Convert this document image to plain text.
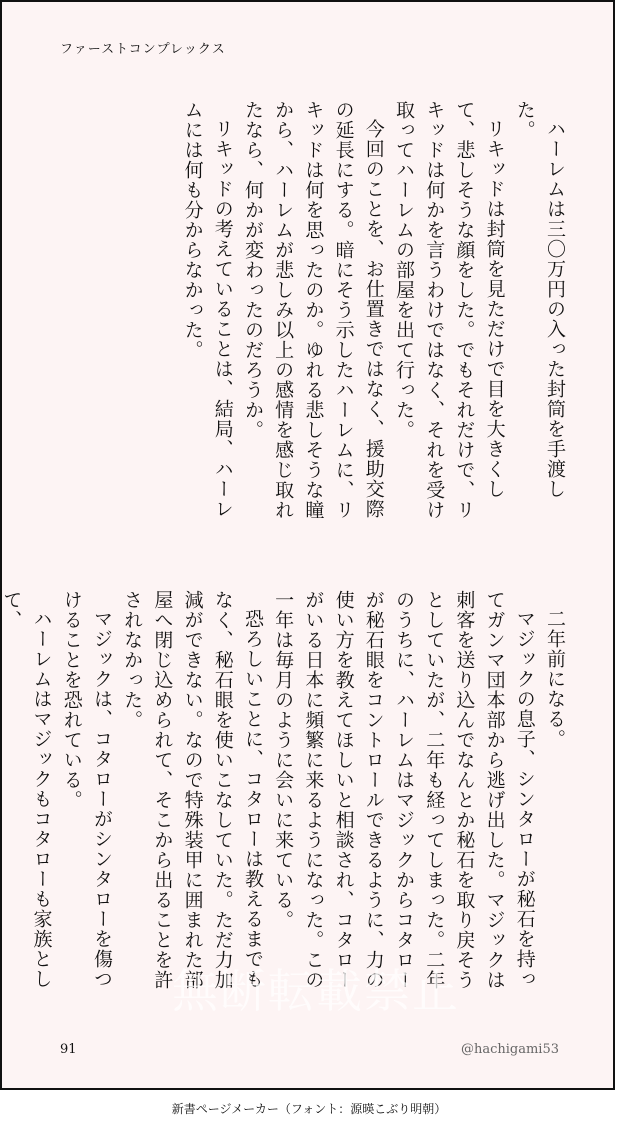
ファーストコンプレックス

ハーレムは三〇万円の入った封筒を手渡した。

リキッドは封筒を見ただけで目を大きくして、悲しそうな顔をした。でもそれだけで、リキッドは何かを言うわけではなく、それを受け取ってハーレムの部屋を出て行った。

今回のことを、お仕置きではなく、援助交際の延長にする。暗にそう示したハーレムに、リキッドは何を思ったのか。ゆれる悲しそうな瞳から、ハーレムが悲しみ以上の感情を感じ取れたなら、何かが変わったのだろうか。

リキッドの考えていることは、結局、ハーレムには何も分からなかった。

二年前になる。

マジックの息子、シンタローが秘石を持ってガンマ団本部から逃げ出した。マジックは刺客を送り込んでなんとか秘石を取り戻そうとしていたが、二年も経ってしまった。二年のうちに、ハーレムはマジックからコタローが秘石眼をコントロールできるように、力の使い方を教えてほしいと相談され、コタローがいる日本に頻繁に来るようになった。この一年は毎月のように会いに来ている。

恐ろしいことに、コタローは教えるまでもなく、秘石眼を使いこなしていた。ただ力加減ができない。なので特殊装甲に囲まれた部屋へ閉じ込められて、そこから出ることを許されなかった。

マジックは、コタローがシンタローを傷つけることを恐れている。

ハーレムはマジックもコタローも家族として、

無断転載禁止
91	@hachigami53
新書ページメーカー（フォント：源暎こぶり明朝）
